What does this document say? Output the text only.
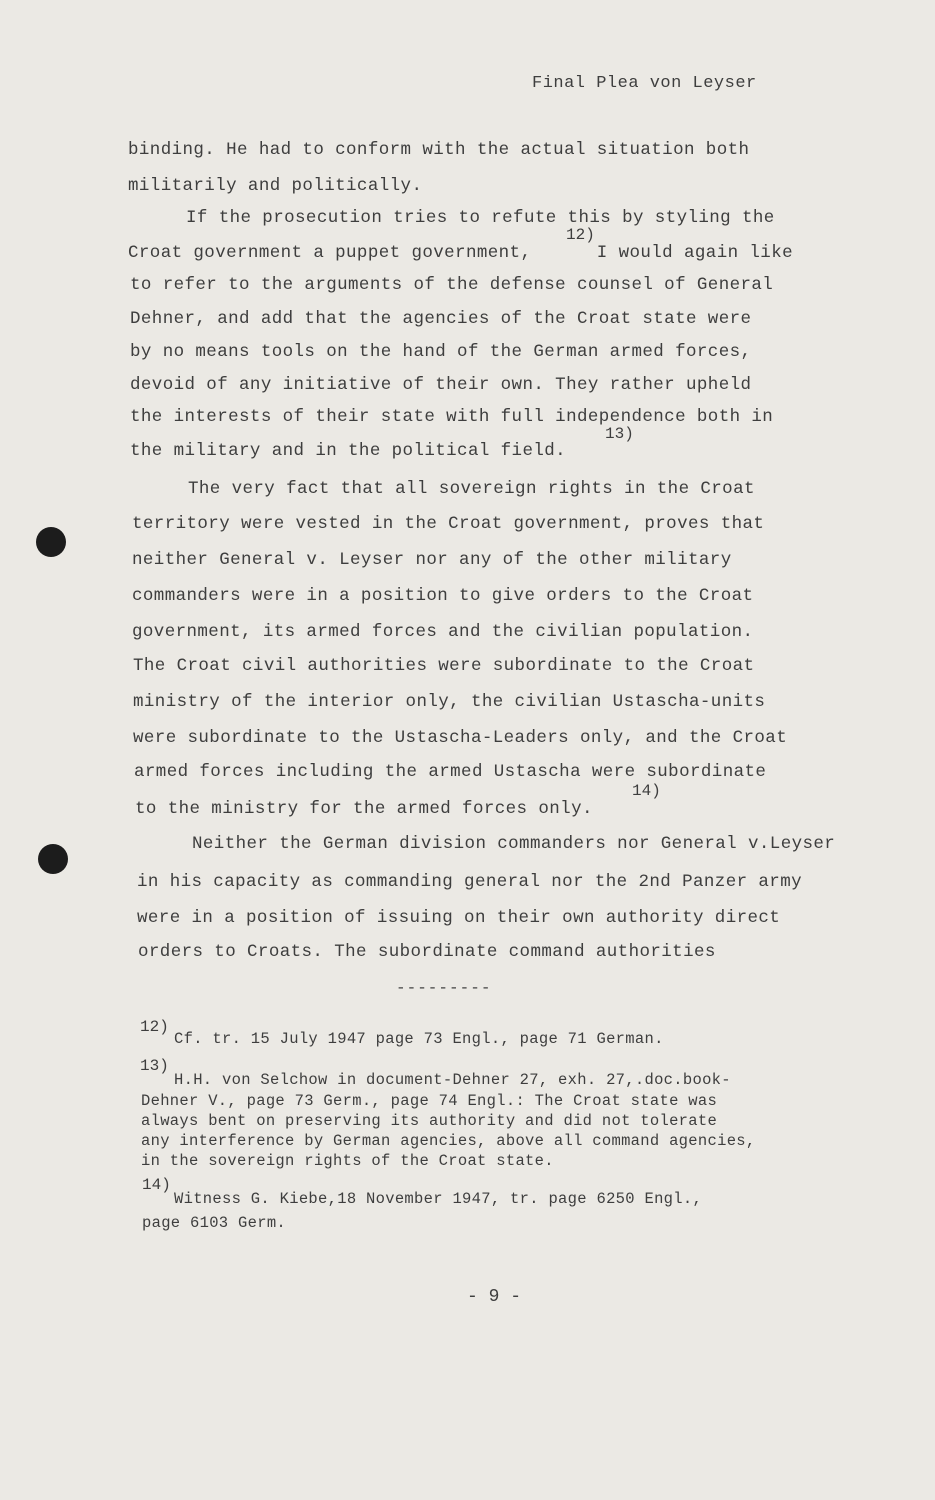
Final Plea von Leyser
binding. He had to conform with the actual situation both
militarily and politically.
If the prosecution tries to refute this by styling the
Croat government a puppet government,      I would again like
12)
to refer to the arguments of the defense counsel of General
Dehner, and add that the agencies of the Croat state were
by no means tools on the hand of the German armed forces,
devoid of any initiative of their own. They rather upheld
the interests of their state with full independence both in
the military and in the political field.
13)
The very fact that all sovereign rights in the Croat
territory were vested in the Croat government, proves that
neither General v. Leyser nor any of the other military
commanders were in a position to give orders to the Croat
government, its armed forces and the civilian population.
The Croat civil authorities were subordinate to the Croat
ministry of the interior only, the civilian Ustascha-units
were subordinate to the Ustascha-Leaders only, and the Croat
armed forces including the armed Ustascha were subordinate
to the ministry for the armed forces only.
14)
Neither the German division commanders nor General v.Leyser
in his capacity as commanding general nor the 2nd Panzer army
were in a position of issuing on their own authority direct
orders to Croats. The subordinate command authorities
---------
12)
Cf. tr. 15 July 1947 page 73 Engl., page 71 German.
13)
H.H. von Selchow in document-Dehner 27, exh. 27,.doc.book-
Dehner V., page 73 Germ., page 74 Engl.: The Croat state was
always bent on preserving its authority and did not tolerate
any interference by German agencies, above all command agencies,
in the sovereign rights of the Croat state.
14)
Witness G. Kiebe,18 November 1947, tr. page 6250 Engl.,
page 6103 Germ.
- 9 -
